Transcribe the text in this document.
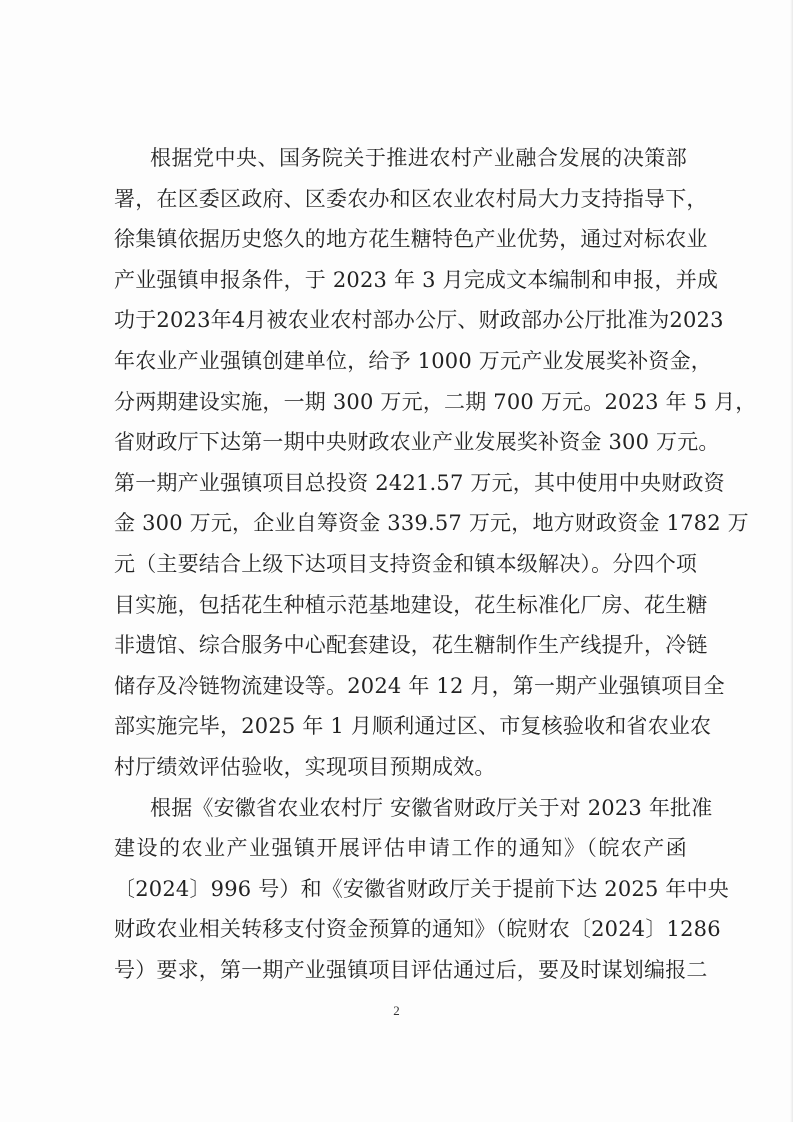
根据党中央、国务院关于推进农村产业融合发展的决策部
署，在区委区政府、区委农办和区农业农村局大力支持指导下，
徐集镇依据历史悠久的地方花生糖特色产业优势，通过对标农业
产业强镇申报条件，于 2023 年 3 月完成文本编制和申报，并成
功于2023年4月被农业农村部办公厅、财政部办公厅批准为2023
年农业产业强镇创建单位，给予 1000 万元产业发展奖补资金，
分两期建设实施，一期 300 万元，二期 700 万元。2023 年 5 月，
省财政厅下达第一期中央财政农业产业发展奖补资金 300 万元。
第一期产业强镇项目总投资 2421.57 万元，其中使用中央财政资
金 300 万元，企业自筹资金 339.57 万元，地方财政资金 1782 万
元（主要结合上级下达项目支持资金和镇本级解决）。分四个项
目实施，包括花生种植示范基地建设，花生标准化厂房、花生糖
非遗馆、综合服务中心配套建设，花生糖制作生产线提升，冷链
储存及冷链物流建设等。2024 年 12 月，第一期产业强镇项目全
部实施完毕，2025 年 1 月顺利通过区、市复核验收和省农业农
村厅绩效评估验收，实现项目预期成效。
根据《安徽省农业农村厅 安徽省财政厅关于对 2023 年批准
建设的农业产业强镇开展评估申请工作的通知》（皖农产函
〔2024〕996 号）和《安徽省财政厅关于提前下达 2025 年中央
财政农业相关转移支付资金预算的通知》（皖财农〔2024〕1286
号）要求，第一期产业强镇项目评估通过后，要及时谋划编报二
2
